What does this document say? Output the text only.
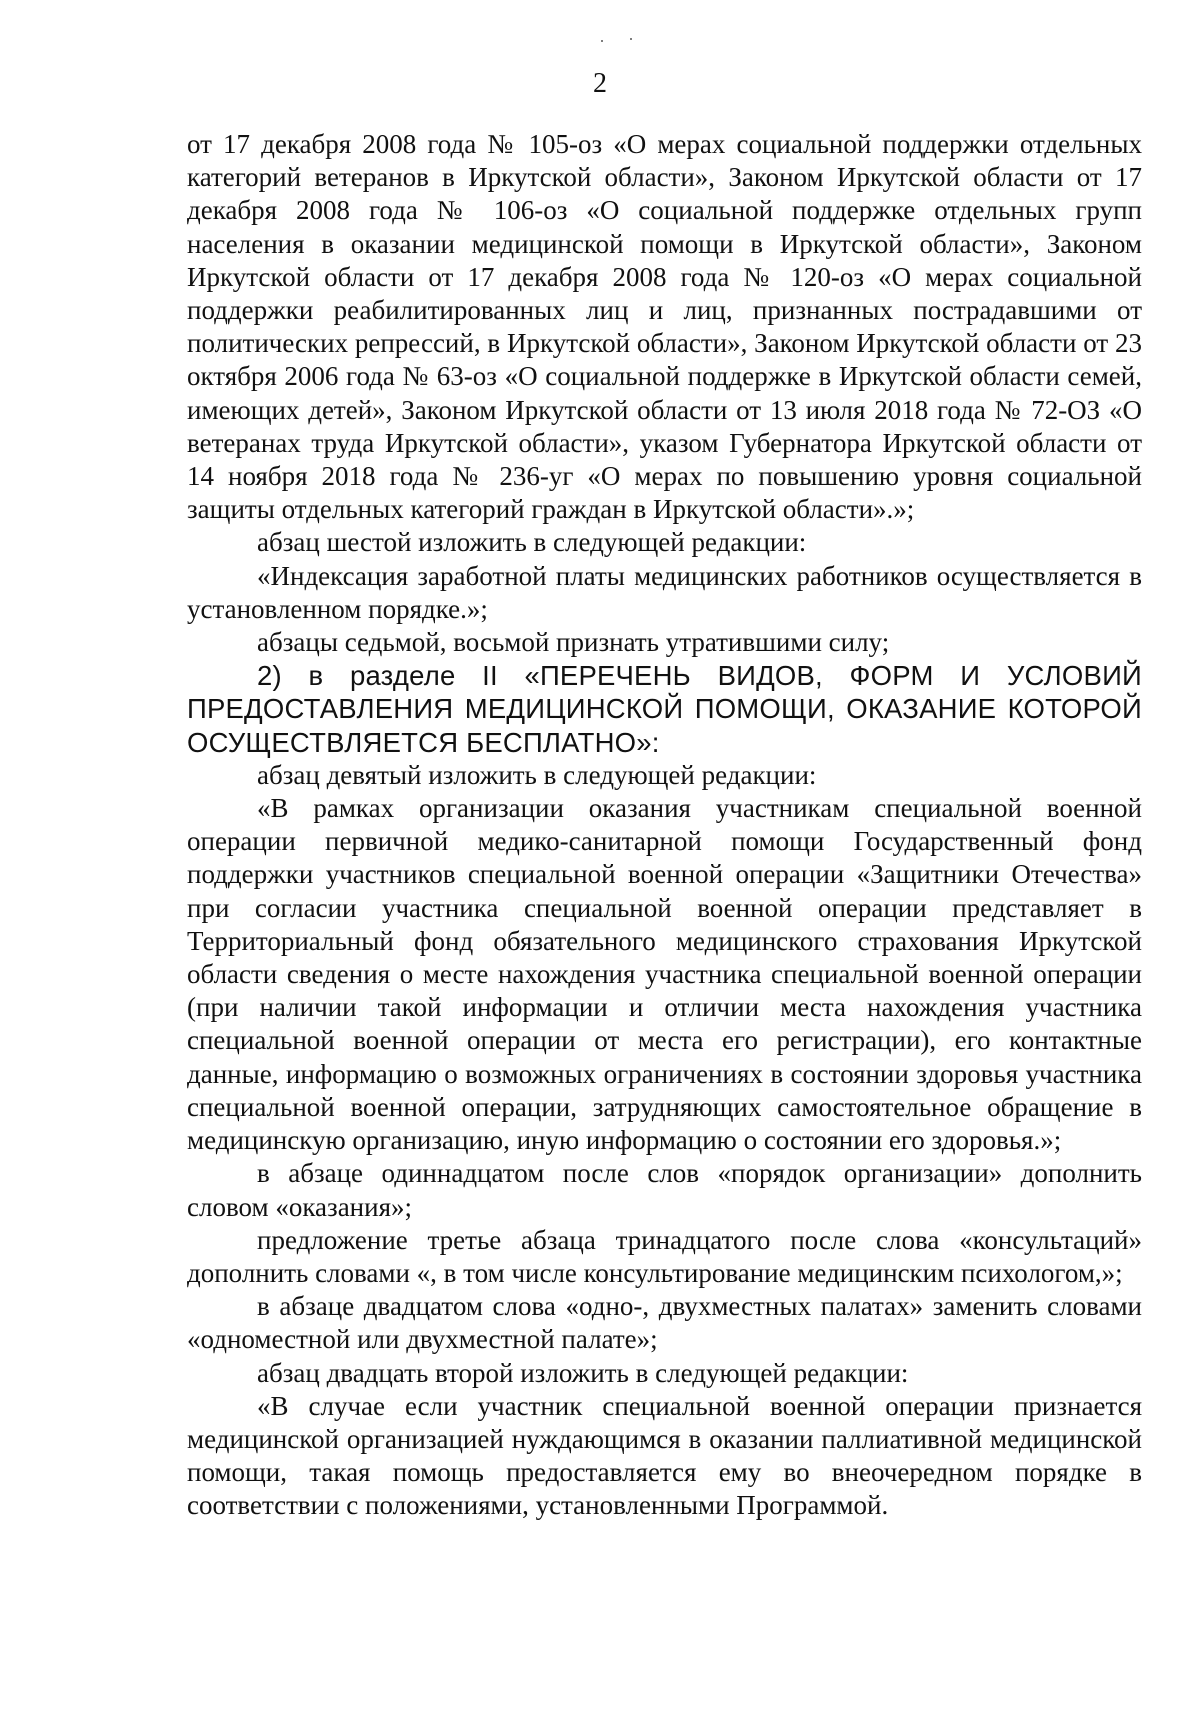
2

от 17 декабря 2008 года № 105-оз «О мерах социальной поддержки отдельных категорий ветеранов в Иркутской области», Законом Иркутской области от 17 декабря 2008 года № 106-оз «О социальной поддержке отдельных групп населения в оказании медицинской помощи в Иркутской области», Законом Иркутской области от 17 декабря 2008 года № 120-оз «О мерах социальной поддержки реабилитированных лиц и лиц, признанных пострадавшими от политических репрессий, в Иркутской области», Законом Иркутской области от 23 октября 2006 года № 63-оз «О социальной поддержке в Иркутской области семей, имеющих детей», Законом Иркутской области от 13 июля 2018 года № 72-ОЗ «О ветеранах труда Иркутской области», указом Губернатора Иркутской области от 14 ноября 2018 года № 236-уг «О мерах по повышению уровня социальной защиты отдельных категорий граждан в Иркутской области».»;

абзац шестой изложить в следующей редакции:

«Индексация заработной платы медицинских работников осуществляется в установленном порядке.»;

абзацы седьмой, восьмой признать утратившими силу;

2) в разделе II «ПЕРЕЧЕНЬ ВИДОВ, ФОРМ И УСЛОВИЙ ПРЕДОСТАВЛЕНИЯ МЕДИЦИНСКОЙ ПОМОЩИ, ОКАЗАНИЕ КОТОРОЙ ОСУЩЕСТВЛЯЕТСЯ БЕСПЛАТНО»:

абзац девятый изложить в следующей редакции:

«В рамках организации оказания участникам специальной военной операции первичной медико-санитарной помощи Государственный фонд поддержки участников специальной военной операции «Защитники Отечества» при согласии участника специальной военной операции представляет в Территориальный фонд обязательного медицинского страхования Иркутской области сведения о месте нахождения участника специальной военной операции (при наличии такой информации и отличии места нахождения участника специальной военной операции от места его регистрации), его контактные данные, информацию о возможных ограничениях в состоянии здоровья участника специальной военной операции, затрудняющих самостоятельное обращение в медицинскую организацию, иную информацию о состоянии его здоровья.»;

в абзаце одиннадцатом после слов «порядок организации» дополнить словом «оказания»;

предложение третье абзаца тринадцатого после слова «консультаций» дополнить словами «, в том числе консультирование медицинским психологом,»;

в абзаце двадцатом слова «одно-, двухместных палатах» заменить словами «одноместной или двухместной палате»;

абзац двадцать второй изложить в следующей редакции:

«В случае если участник специальной военной операции признается медицинской организацией нуждающимся в оказании паллиативной медицинской помощи, такая помощь предоставляется ему во внеочередном порядке в соответствии с положениями, установленными Программой.
